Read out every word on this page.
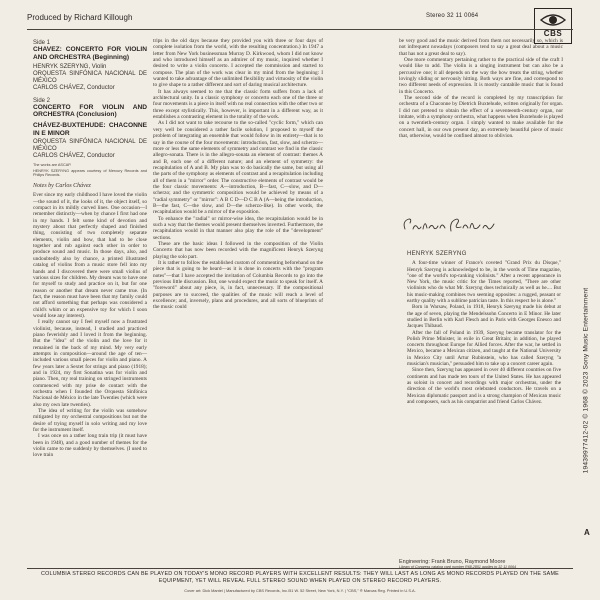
Produced by Richard Killough	Stereo 32 11 0064
CBS
Side 1
CHAVEZ: CONCERTO FOR VIOLIN AND ORCHESTRA (Beginning)
HENRYK SZERYNG, Violin
ORQUESTA SINFÓNICA NACIONAL DE MÉXICO
CARLOS CHÁVEZ, Conductor
Side 2
CONCERTO FOR VIOLIN AND ORCHESTRA (Conclusion)
CHÁVEZ-BUXTEHUDE: CHACONNE IN E MINOR
ORQUESTA SINFÓNICA NACIONAL DE MÉXICO
CARLOS CHÁVEZ, Conductor
The works are ASCAP.
HENRYK SZERYNG appears courtesy of Mercury Records and Philips Records.
Notes by Carlos Chávez

Ever since my early childhood I have loved the violin—the sound of it, the looks of it, the object itself, so compact in its mildly curved lines. One occasion—I remember distinctly—when by chance I first had one in my hands. I felt some kind of devotion and mystery about that perfectly shaped and finished thing, consisting of two completely separate elements, violin and bow, that had to be close together and rub against each other in order to produce sound and music. In those days, also, and undoubtedly also by chance, a printed illustrated catalog of violins from a music store fell into my hands and I discovered there were small violins of various sizes for children. My dream was to have one for myself to study and practice on it, but for one reason or another that dream never came true. (In fact, the reason must have been that my family could not afford something that perhaps was considered a child's whim or an expensive toy for which I soon would lose any interest).

I really cannot say I feel myself now a frustrated violinist, because, instead, I studied and practiced piano feverishly and I loved it from the beginning. But the "idea" of the violin and the love for it remained in the back of my mind. My very early attempts in composition—around the age of ten—included various small pieces for violin and piano. A few years later a Sextet for strings and piano (1918); and in 1924, my first Sonatina was for violin and piano. Then, my real training on stringed instruments commenced with my prise de contact with the orchestra when I founded the Orquesta Sinfónica Nacional de México in the late Twenties (which were also my own late twenties).

The idea of writing for the violin was somehow mitigated by my orchestral compositions but not the desire of trying myself in solo writing and my love for the instrument itself.

I was once on a rather long train trip (it must have been in 1948), and a good number of themes for the violin came to me suddenly by themselves. (I used to love train

trips in the old days because they provided you with three or four days of complete isolation from the world, with the resulting concentration.) In 1947 a letter from New York businessman Murray D. Kirkwood, whom I did not know and who introduced himself as an admirer of my music, inquired whether I desired to write a violin concerto. I accepted the commission and started to compose. The plan of the work was clear in my mind from the beginning: I wanted to take advantage of the unlimited flexibility and virtuosity of the violin to give shape to a rather different and sort of daring musical architecture.

It has always seemed to me that the classic form suffers from a lack of architectural unity. In a classic symphony or concerto each one of the three or four movements is a piece in itself with no real connection with the other two or three except stylistically. This, however, is important in a different way, as it establishes a contrasting element in the totality of the work.

As I did not want to take recourse to the so-called "cyclic form," which can very well be considered a rather facile solution, I proposed to myself the problem of integrating an ensemble that would follow in its entirety—that is to say in the course of the four movements: introduction, fast, slow, and scherzo—more or less the same elements of symmetry and contrast we find in the classic allegro-sonata. There is in the allegro-sonata an element of contrast: themes A and B, each one of a different nature; and an element of symmetry: the recapitulation of A and B. My plan was to do basically the same, but using all the parts of the symphony as elements of contrast and a recapitulation including all of them in a "mirror" order. The constructive elements of contrast would be the four classic movements: A—introduction, B—fast, C—slow, and D—scherzo; and the symmetric composition would be achieved by means of a "radial symmetry" or "mirror": A B C D—D C B A (A—being the introduction, B—the fast, C—the slow, and D—the scherzo-like). In other words, the recapitulation would be a mirror of the exposition.

To enhance the "radial" or mirror-wise idea, the recapitulation would be in such a way that the themes would present themselves inverted. Furthermore, the recapitulation would in that manner also play the role of the "development" sections.

These are the basic ideas I followed in the composition of the Violin Concerto that has now been recorded with the magnificent Henryk Szeryng playing the solo part.

It is rather to follow the established custom of commenting beforehand on the piece that is going to be heard—as it is done in concerts with the "program notes"—that I have accepted the invitation of Columbia Records to go into the previous little discussion. But, one would expect the music to speak for itself. A "foreword" about any piece, is, in fact, unnecessary. If the compositional purposes are to succeed, the qualities of the music will reach a level of excellence; and, inversely, plans and procedures, and all sorts of blueprints of the music could

be very good and the music derived from them not necessarily so, which is not infrequent nowadays (composers tend to say a great deal about a music that has not a great deal to say).

One more commentary pertaining rather to the practical side of the craft I would like to add. The violin is a singing instrument but can also be a percussive one; it all depends on the way the bow treats the string, whether lovingly sliding or nervously hitting. Both ways are fine, and correspond to two different needs of expression. It is mostly cantabile music that is found in this Concerto.

The second side of the record is completed by my transcription for orchestra of a Chaconne by Dietrich Buxtehude, written originally for organ. I did not pretend to obtain the effect of a seventeenth-century organ, nor imitate, with a symphony orchestra, what happens when Buxtehude is played on a twentieth-century organ. I simply wanted to make available for the concert hall, in our own present day, an extremely beautiful piece of music that, otherwise, would be confined almost to oblivion.

HENRYK SZERYNG

A four-time winner of France's coveted "Grand Prix du Disque," Henryk Szeryng is acknowledged to be, in the words of Time magazine, "one of the world's top-ranking violinists." After a recent appearance in New York, the music critic for the Times reported, "There are other violinists who do what Mr. Szeryng does technically as well as he.... But his music-making combines two seeming opposites: a rugged, peasant or earthy quality with a sublime patrician taste. In this respect he is alone."

Born in Warsaw, Poland, in 1918, Henryk Szeryng made his debut at the age of seven, playing the Mendelssohn Concerto in E Minor. He later studied in Berlin with Karl Flesch and in Paris with Georges Enesco and Jacques Thibaud.

After the fall of Poland in 1939, Szeryng became translator for the Polish Prime Minister, in exile in Great Britain; in addition, he played concerts throughout Europe for Allied forces. After the war, he settled in Mexico, became a Mexican citizen, and taught at the National University in Mexico City until Artur Rubinstein, who has called Szeryng "a musician's musician," persuaded him to take up a concert career again.

Since then, Szeryng has appeared in over 40 different countries on five continents and has made ten tours of the United States. He has appeared as soloist in concert and recordings with major orchestras, under the direction of the world's most celebrated conductors. He travels on a Mexican diplomatic passport and is a strong champion of Mexican music and composers, such as his compatriot and friend Carlos Chávez.

Engineering: Frank Bruno, Raymond Moore
Library of Congress catalog card number R68-2851 applies to 32 11 0064
19439977412-02 © 1968 © 2023 Sony Music Entertainment
A
COLUMBIA STEREO RECORDS CAN BE PLAYED ON TODAY'S MONO RECORD PLAYERS WITH EXCELLENT RESULTS: THEY WILL LAST AS LONG AS MONO RECORDS PLAYED ON THE SAME EQUIPMENT, YET WILL REVEAL FULL STEREO SOUND WHEN PLAYED ON STEREO RECORD PLAYERS.
Cover art: Dick Mantel | Manufactured by CBS Records, Inc./51 W. 52 Street, New York, N.Y. | "CBS," ® Marcas Reg. Printed in U.S.A.
